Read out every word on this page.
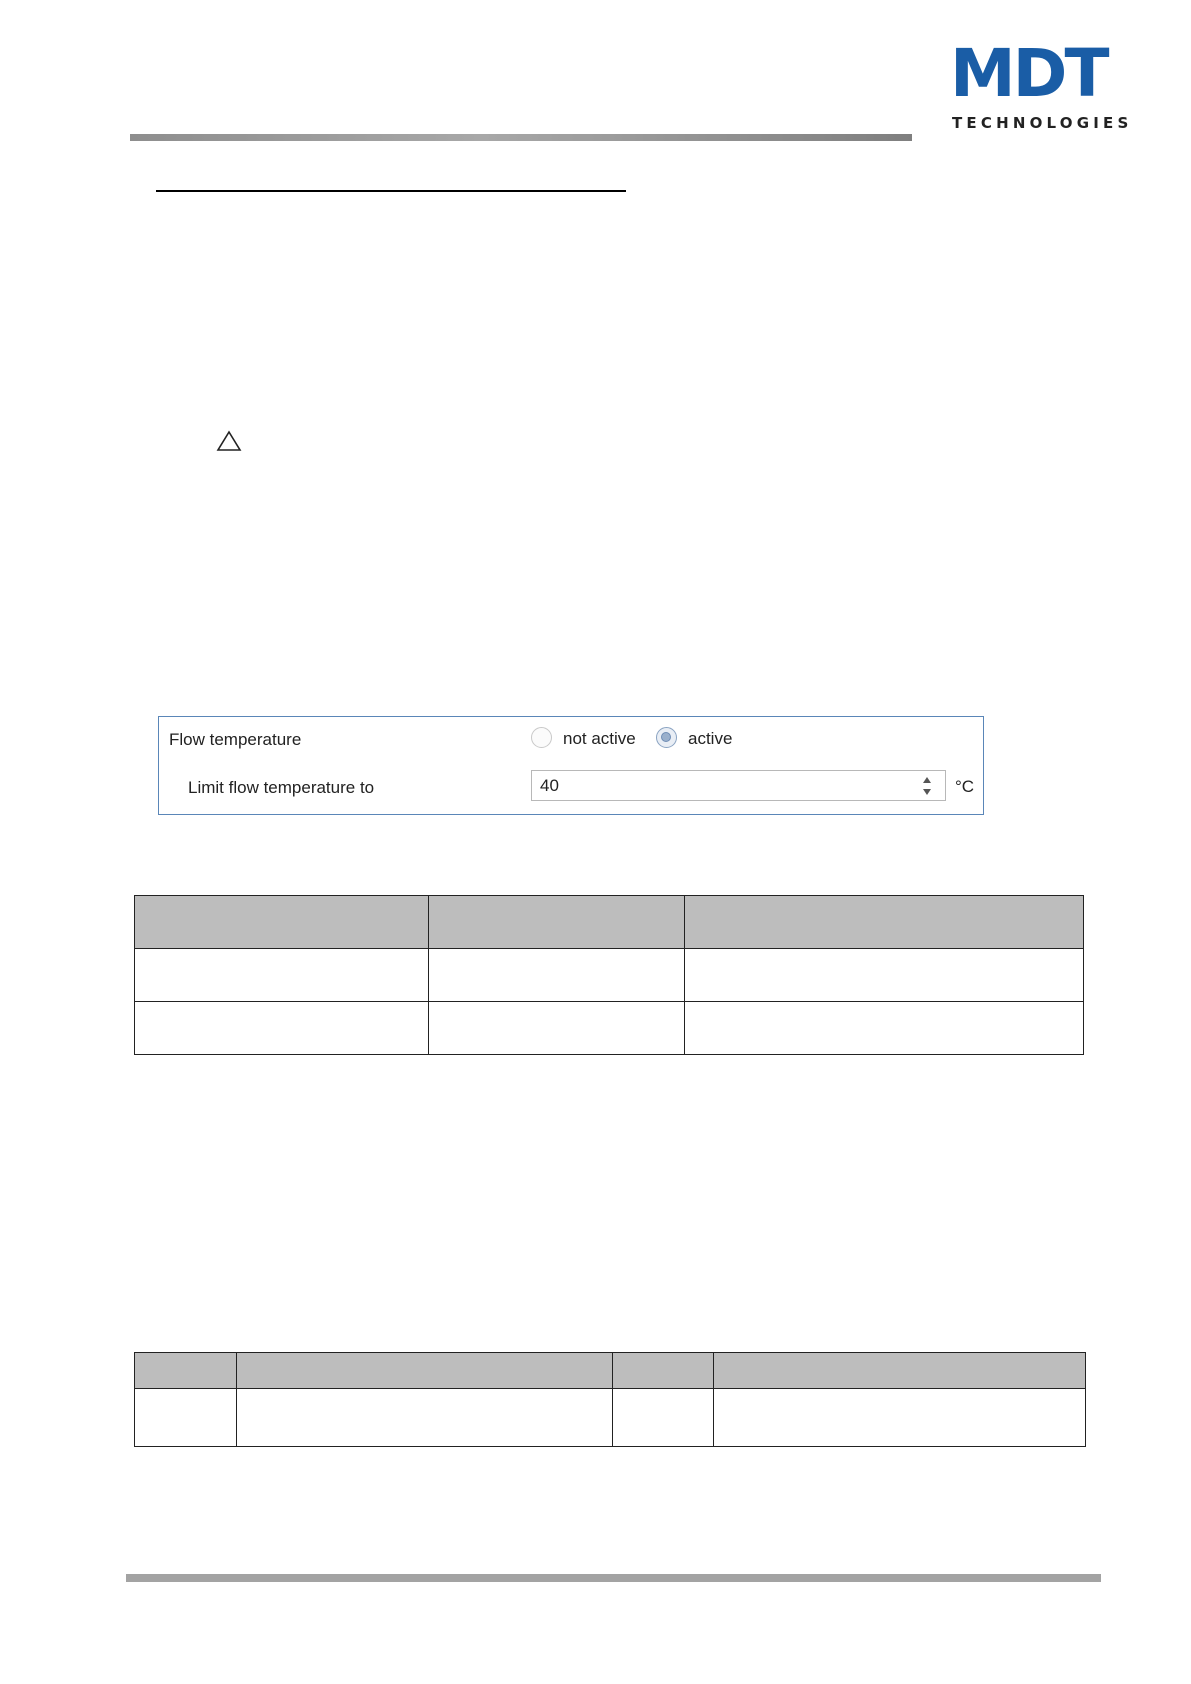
MDT
TECHNOLOGIES
Flow temperature	not active	active
Limit flow temperature to	40	°C
